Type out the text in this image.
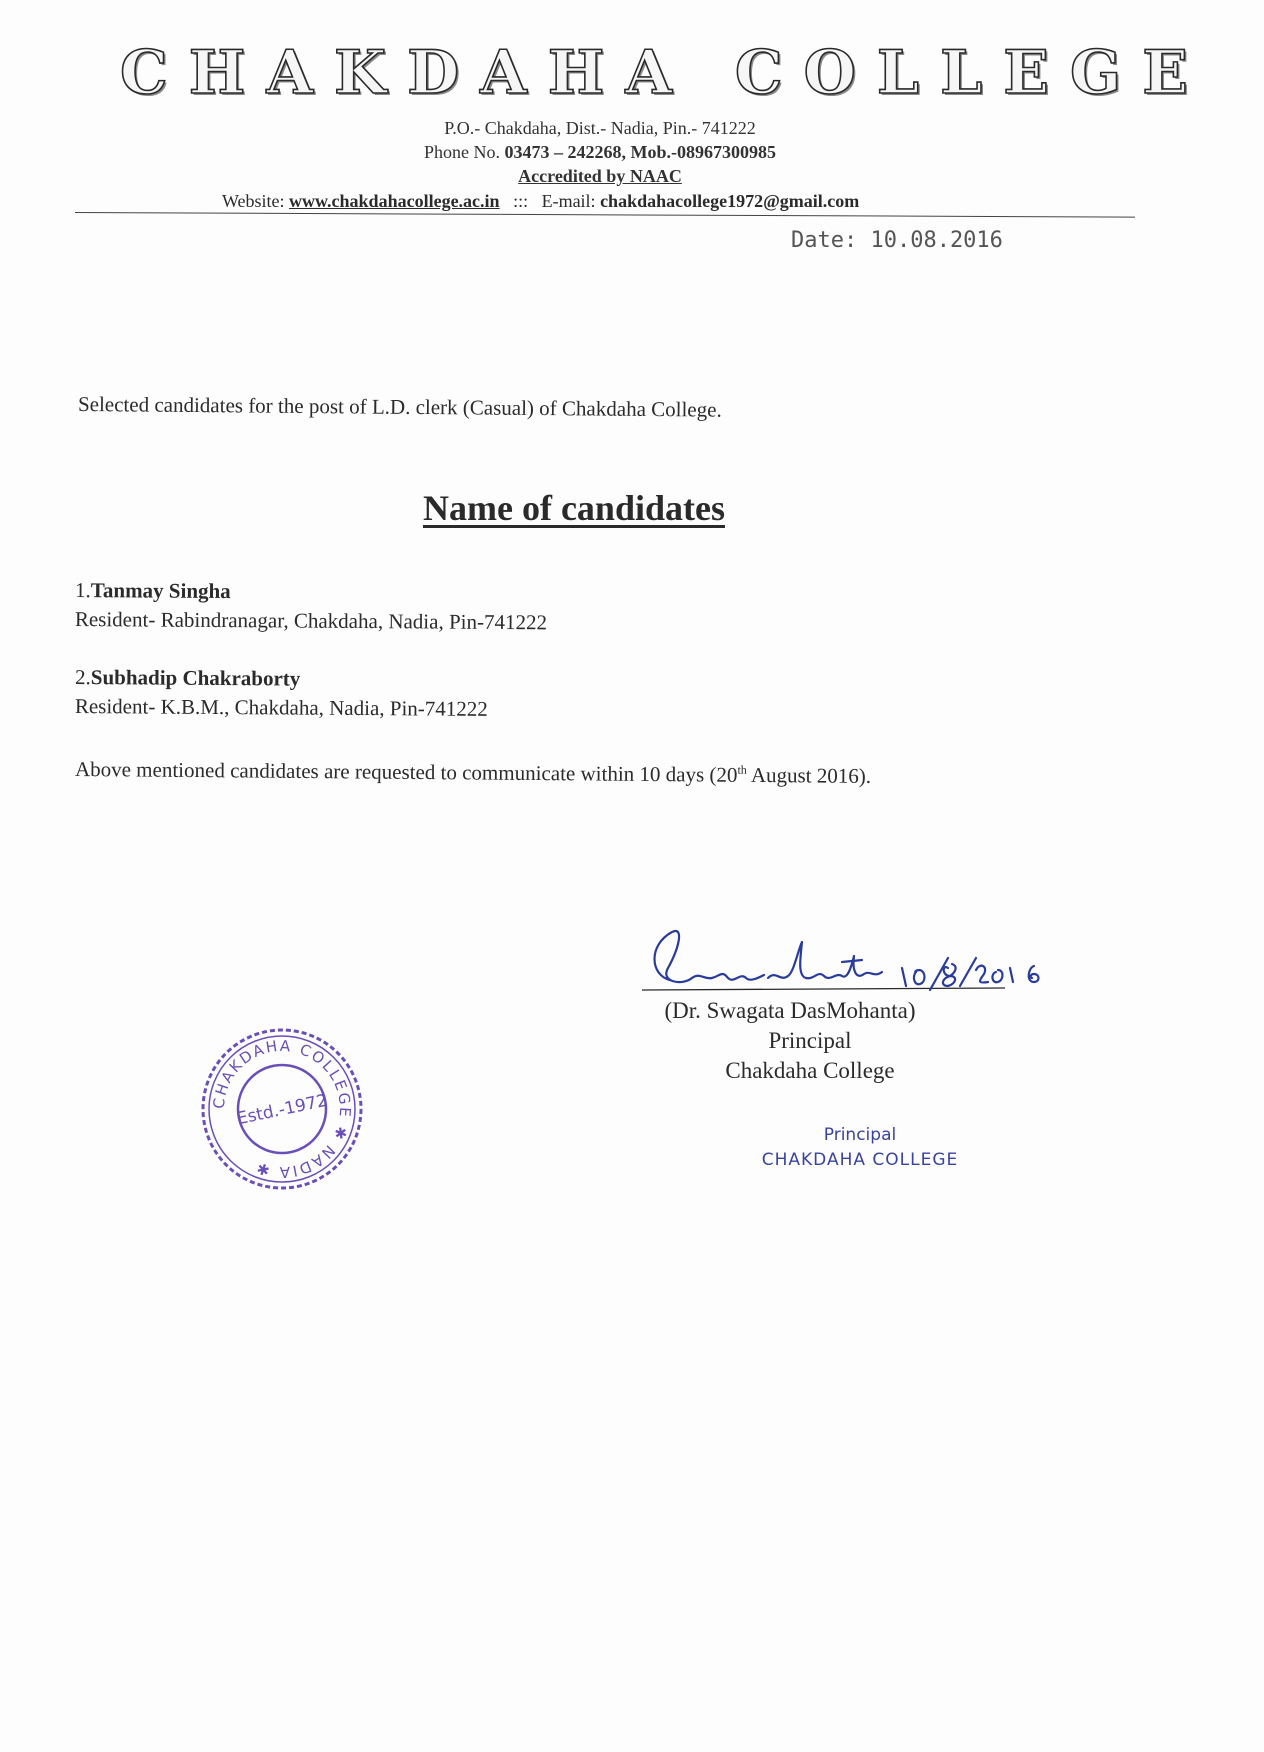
CHAKDAHA COLLEGE
P.O.- Chakdaha, Dist.- Nadia, Pin.- 741222
Phone No. 03473 – 242268, Mob.-08967300985
Accredited by NAAC
Website: www.chakdahacollege.ac.in   :::   E-mail: chakdahacollege1972@gmail.com
Date: 10.08.2016
Selected candidates for the post of L.D. clerk (Casual) of Chakdaha College.
Name of candidates
1.Tanmay Singha
Resident- Rabindranagar, Chakdaha, Nadia, Pin-741222
2.Subhadip Chakraborty
Resident- K.B.M., Chakdaha, Nadia, Pin-741222
Above mentioned candidates are requested to communicate within 10 days (20th August 2016).
(Dr. Swagata DasMohanta)
Principal
Chakdaha College
Principal
CHAKDAHA COLLEGE
CHAKDAHA COLLEGE ✱ NADIA ✱
Estd.-1972
